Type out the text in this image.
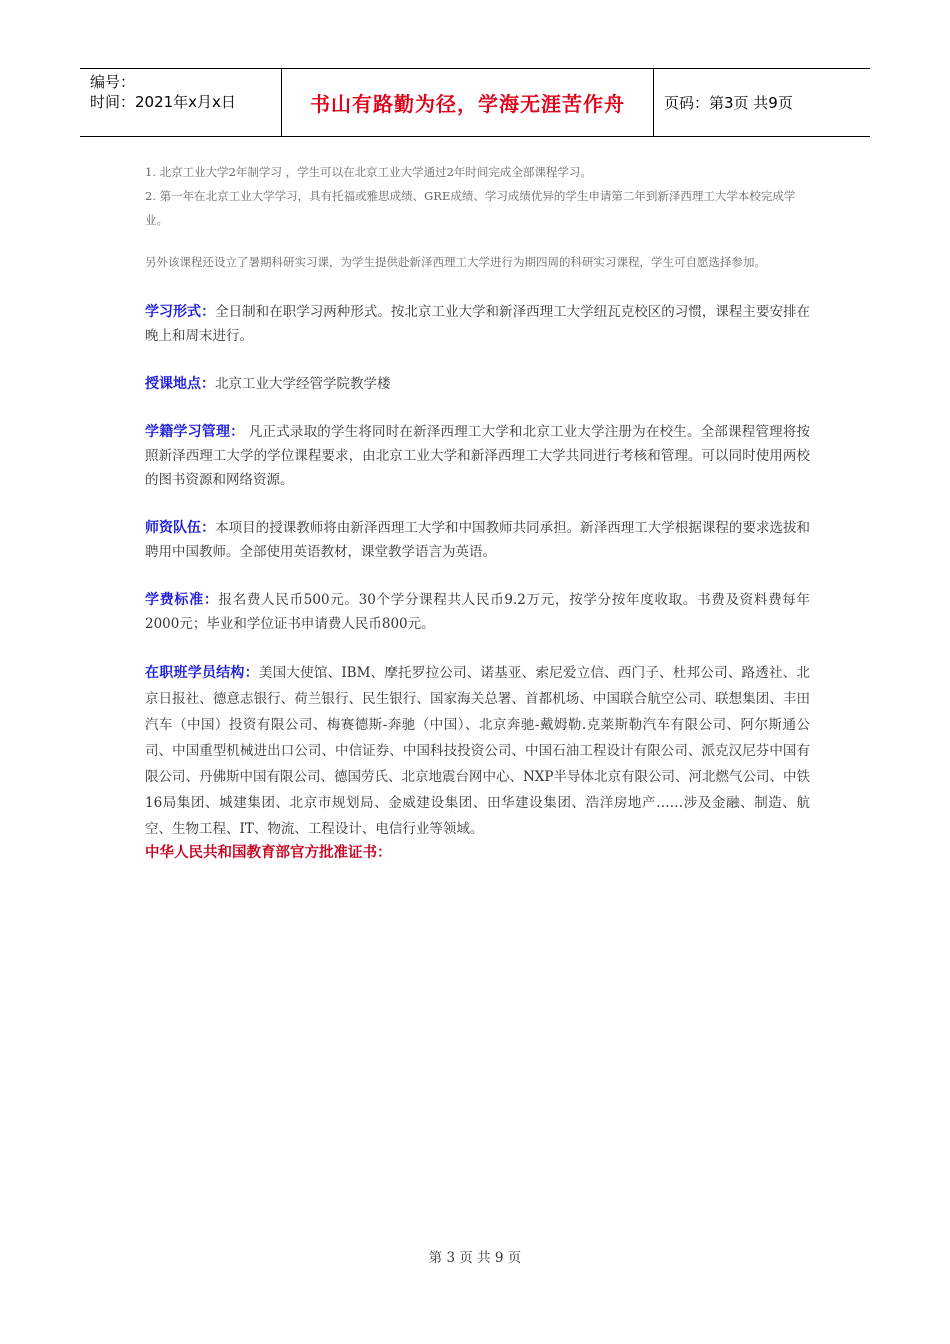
编号：
时间：2021年x月x日	书山有路勤为径，学海无涯苦作舟	页码：第3页 共9页

1. 北京工业大学2年制学习 ，学生可以在北京工业大学通过2年时间完成全部课程学习。

2. 第一年在北京工业大学学习，具有托福或雅思成绩、GRE成绩、学习成绩优异的学生申请第二年到新泽西理工大学本校完成学业。

另外该课程还设立了暑期科研实习课，为学生提供赴新泽西理工大学进行为期四周的科研实习课程，学生可自愿选择参加。

学习形式：全日制和在职学习两种形式。按北京工业大学和新泽西理工大学纽瓦克校区的习惯，课程主要安排在晚上和周末进行。

授课地点：北京工业大学经管学院教学楼

学籍学习管理： 凡正式录取的学生将同时在新泽西理工大学和北京工业大学注册为在校生。全部课程管理将按照新泽西理工大学的学位课程要求，由北京工业大学和新泽西理工大学共同进行考核和管理。可以同时使用两校的图书资源和网络资源。

师资队伍：本项目的授课教师将由新泽西理工大学和中国教师共同承担。新泽西理工大学根据课程的要求选拔和聘用中国教师。全部使用英语教材，课堂教学语言为英语。

学费标准：报名费人民币500元。30个学分课程共人民币9.2万元，按学分按年度收取。书费及资料费每年2000元；毕业和学位证书申请费人民币800元。

在职班学员结构：美国大使馆、IBM、摩托罗拉公司、诺基亚、索尼爱立信、西门子、杜邦公司、路透社、北京日报社、德意志银行、荷兰银行、民生银行、国家海关总署、首都机场、中国联合航空公司、联想集团、丰田汽车（中国）投资有限公司、梅赛德斯-奔驰（中国）、北京奔驰-戴姆勒.克莱斯勒汽车有限公司、阿尔斯通公司、中国重型机械进出口公司、中信证券、中国科技投资公司、中国石油工程设计有限公司、派克汉尼芬中国有限公司、丹佛斯中国有限公司、德国劳氏、北京地震台网中心、NXP半导体北京有限公司、河北燃气公司、中铁16局集团、城建集团、北京市规划局、金威建设集团、田华建设集团、浩洋房地产……涉及金融、制造、航空、生物工程、IT、物流、工程设计、电信行业等领域。

中华人民共和国教育部官方批准证书：

第 3 页 共 9 页
